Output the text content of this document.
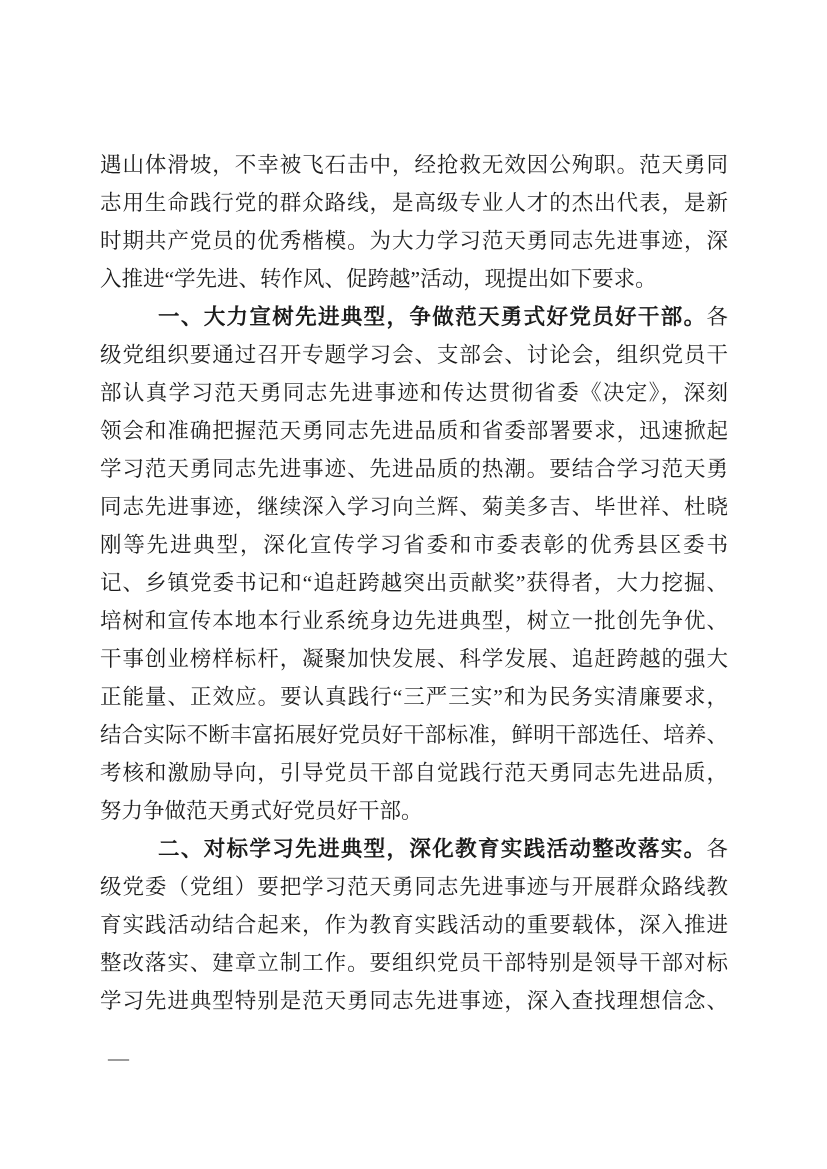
遇山体滑坡，不幸被飞石击中，经抢救无效因公殉职。范天勇同
志用生命践行党的群众路线，是高级专业人才的杰出代表，是新
时期共产党员的优秀楷模。为大力学习范天勇同志先进事迹，深
入推进“学先进、转作风、促跨越”活动，现提出如下要求。
一、大力宣树先进典型，争做范天勇式好党员好干部。各
级党组织要通过召开专题学习会、支部会、讨论会，组织党员干
部认真学习范天勇同志先进事迹和传达贯彻省委《决定》，深刻
领会和准确把握范天勇同志先进品质和省委部署要求，迅速掀起
学习范天勇同志先进事迹、先进品质的热潮。要结合学习范天勇
同志先进事迹，继续深入学习向兰辉、菊美多吉、毕世祥、杜晓
刚等先进典型，深化宣传学习省委和市委表彰的优秀县区委书
记、乡镇党委书记和“追赶跨越突出贡献奖”获得者，大力挖掘、
培树和宣传本地本行业系统身边先进典型，树立一批创先争优、
干事创业榜样标杆，凝聚加快发展、科学发展、追赶跨越的强大
正能量、正效应。要认真践行“三严三实”和为民务实清廉要求，
结合实际不断丰富拓展好党员好干部标准，鲜明干部选任、培养、
考核和激励导向，引导党员干部自觉践行范天勇同志先进品质，
努力争做范天勇式好党员好干部。
二、对标学习先进典型，深化教育实践活动整改落实。各
级党委（党组）要把学习范天勇同志先进事迹与开展群众路线教
育实践活动结合起来，作为教育实践活动的重要载体，深入推进
整改落实、建章立制工作。要组织党员干部特别是领导干部对标
学习先进典型特别是范天勇同志先进事迹，深入查找理想信念、
—
